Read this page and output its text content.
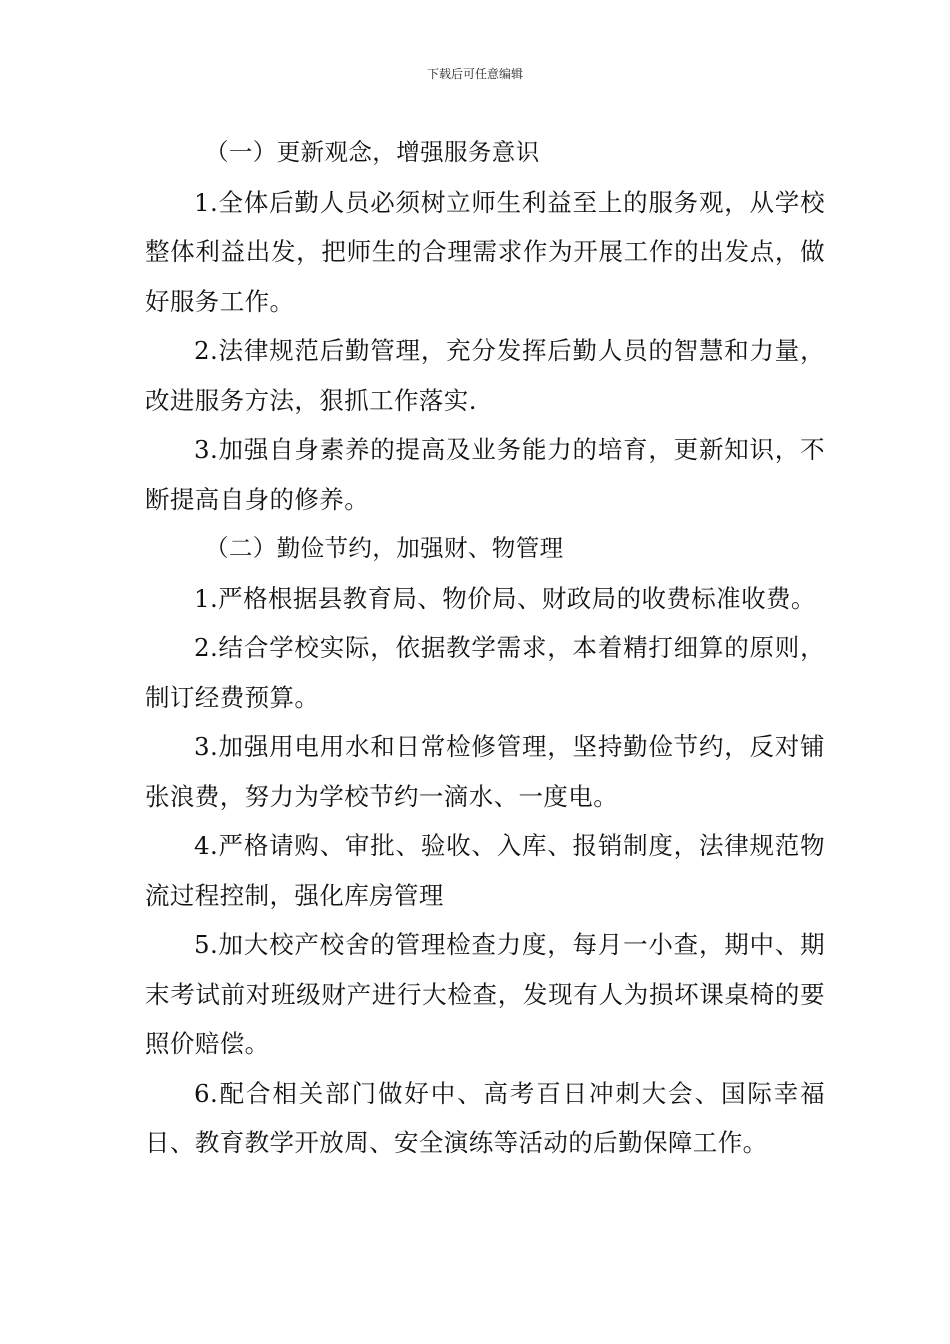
下载后可任意编辑

（一）更新观念，增强服务意识

1.全体后勤人员必须树立师生利益至上的服务观，从学校整体利益出发，把师生的合理需求作为开展工作的出发点，做好服务工作。

2.法律规范后勤管理，充分发挥后勤人员的智慧和力量，改进服务方法，狠抓工作落实.

3.加强自身素养的提高及业务能力的培育，更新知识，不断提高自身的修养。

（二）勤俭节约，加强财、物管理

1.严格根据县教育局、物价局、财政局的收费标准收费。

2.结合学校实际，依据教学需求，本着精打细算的原则，制订经费预算。

3.加强用电用水和日常检修管理，坚持勤俭节约，反对铺张浪费，努力为学校节约一滴水、一度电。

4.严格请购、审批、验收、入库、报销制度，法律规范物流过程控制，强化库房管理

5.加大校产校舍的管理检查力度，每月一小查，期中、期末考试前对班级财产进行大检查，发现有人为损坏课桌椅的要照价赔偿。

6.配合相关部门做好中、高考百日冲刺大会、国际幸福日、教育教学开放周、安全演练等活动的后勤保障工作。
